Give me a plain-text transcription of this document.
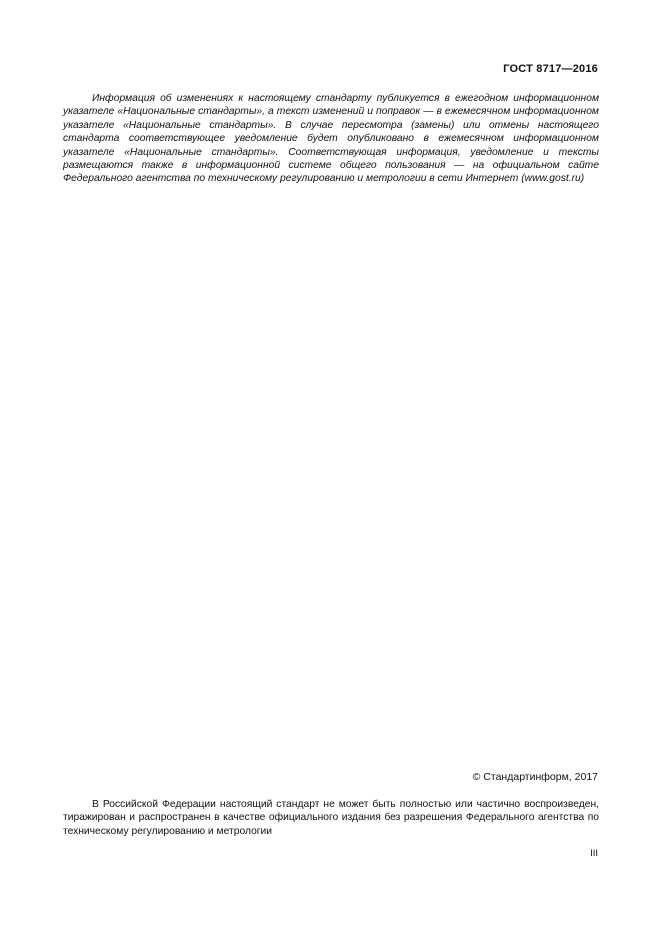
ГОСТ 8717—2016

Информация об изменениях к настоящему стандарту публикуется в ежегодном информационном указателе «Национальные стандарты», а текст изменений и поправок — в ежемесячном информационном указателе «Национальные стандарты». В случае пересмотра (замены) или отмены настоящего стандарта соответствующее уведомление будет опубликовано в ежемесячном информационном указателе «Национальные стандарты». Соответствующая информация, уведомление и тексты размещаются также в информационной системе общего пользования — на официальном сайте Федерального агентства по техническому регулированию и метрологии в сети Интернет (www.gost.ru)

© Стандартинформ, 2017

В Российской Федерации настоящий стандарт не может быть полностью или частично воспроизведен, тиражирован и распространен в качестве официального издания без разрешения Федерального агентства по техническому регулированию и метрологии

III
